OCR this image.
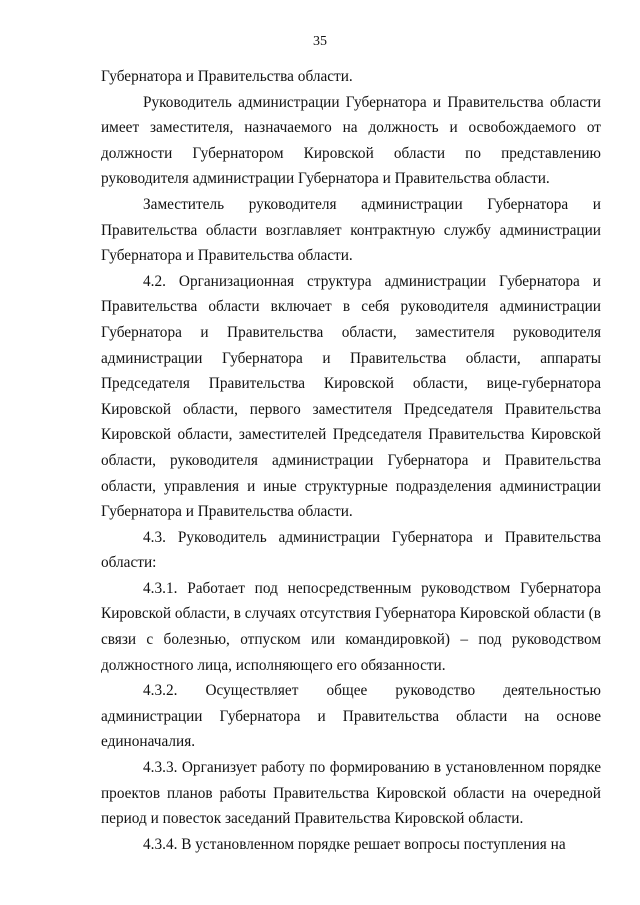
35

Губернатора и Правительства области.

Руководитель администрации Губернатора и Правительства области имеет заместителя, назначаемого на должность и освобождаемого от должности Губернатором Кировской области по представлению руководителя администрации Губернатора и Правительства области.

Заместитель руководителя администрации Губернатора и Правительства области возглавляет контрактную службу администрации Губернатора и Правительства области.

4.2. Организационная структура администрации Губернатора и Правительства области включает в себя руководителя администрации Губернатора и Правительства области, заместителя руководителя администрации Губернатора и Правительства области, аппараты Председателя Правительства Кировской области, вице-губернатора Кировской области, первого заместителя Председателя Правительства Кировской области, заместителей Председателя Правительства Кировской области, руководителя администрации Губернатора и Правительства области, управления и иные структурные подразделения администрации Губернатора и Правительства области.

4.3. Руководитель администрации Губернатора и Правительства области:

4.3.1. Работает под непосредственным руководством Губернатора Кировской области, в случаях отсутствия Губернатора Кировской области (в связи с болезнью, отпуском или командировкой) – под руководством должностного лица, исполняющего его обязанности.

4.3.2. Осуществляет общее руководство деятельностью администрации Губернатора и Правительства области на основе единоначалия.

4.3.3. Организует работу по формированию в установленном порядке проектов планов работы Правительства Кировской области на очередной период и повесток заседаний Правительства Кировской области.

4.3.4. В установленном порядке решает вопросы поступления на
